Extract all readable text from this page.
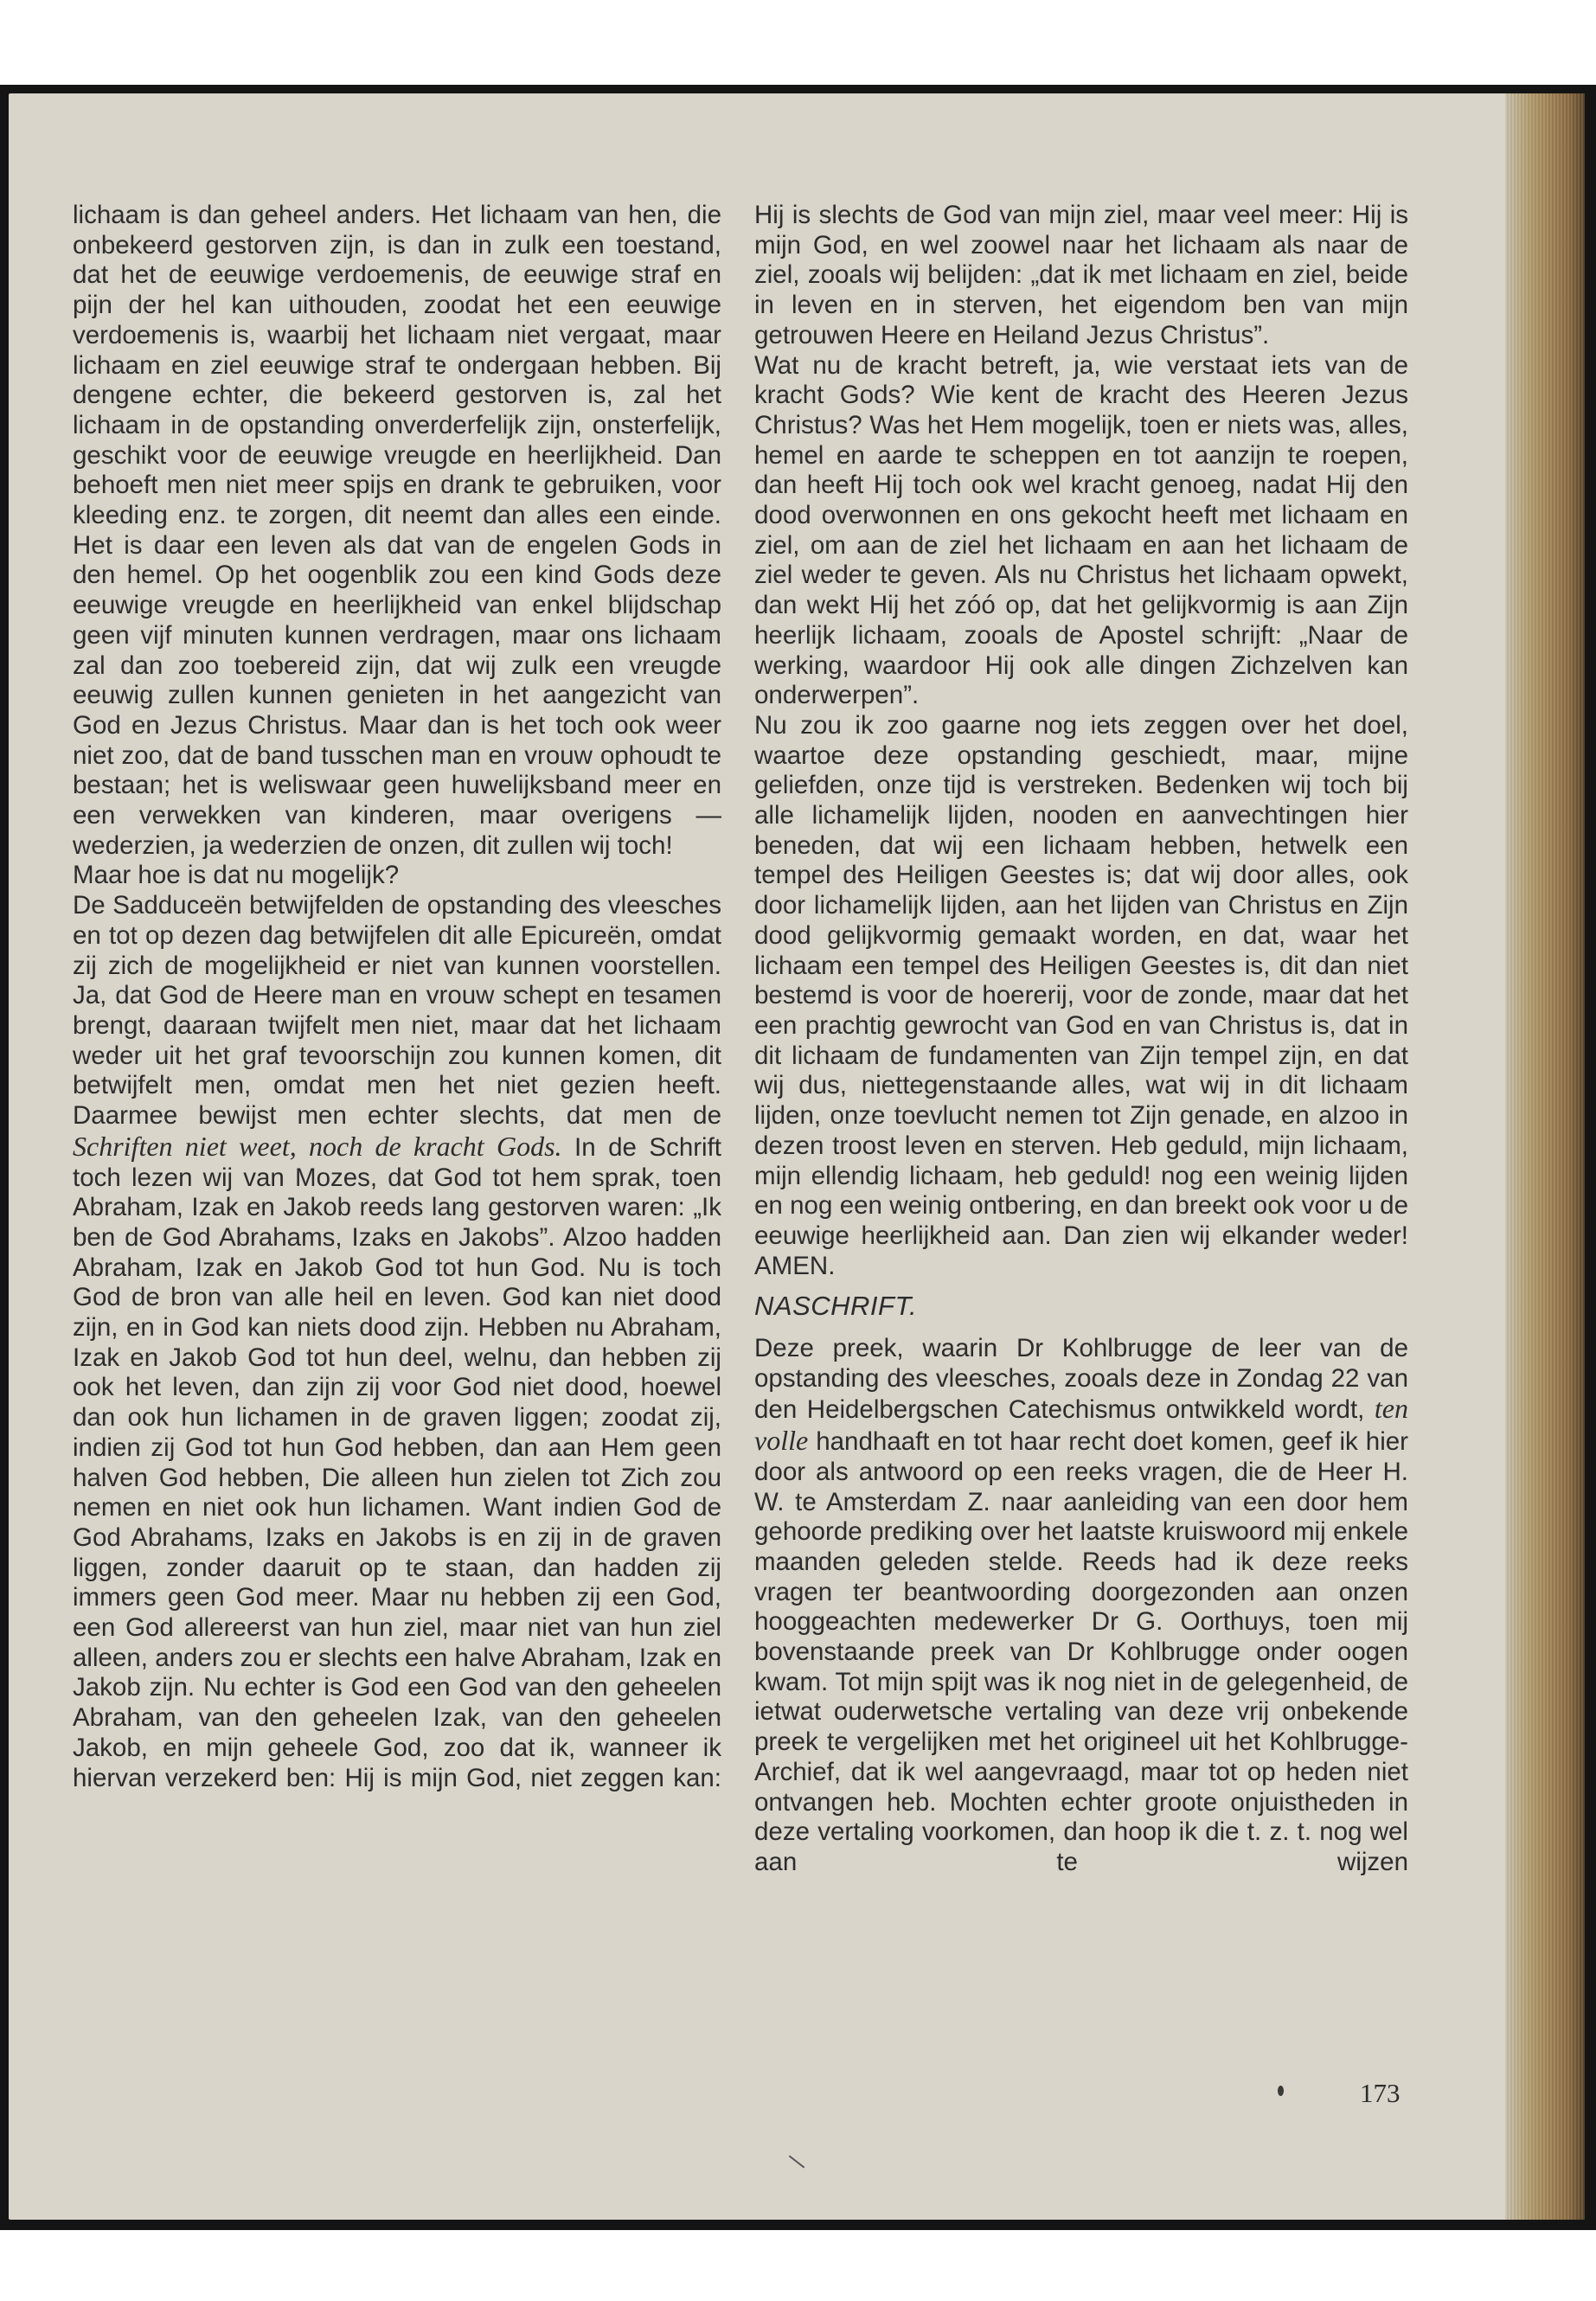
lichaam is dan geheel anders. Het lichaam van hen, die onbekeerd gestorven zijn, is dan in zulk een toestand, dat het de eeuwige verdoemenis, de eeuwige straf en pijn der hel kan uithouden, zoodat het een eeuwige verdoemenis is, waarbij het lichaam niet vergaat, maar lichaam en ziel eeuwige straf te ondergaan hebben. Bij dengene echter, die bekeerd gestorven is, zal het lichaam in de opstanding onverderfelijk zijn, onsterfelijk, geschikt voor de eeuwige vreugde en heerlijkheid. Dan behoeft men niet meer spijs en drank te gebruiken, voor kleeding enz. te zorgen, dit neemt dan alles een einde. Het is daar een leven als dat van de engelen Gods in den hemel. Op het oogenblik zou een kind Gods deze eeuwige vreugde en heerlijkheid van enkel blijdschap geen vijf minuten kunnen verdragen, maar ons lichaam zal dan zoo toebereid zijn, dat wij zulk een vreugde eeuwig zullen kunnen genieten in het aangezicht van God en Jezus Christus. Maar dan is het toch ook weer niet zoo, dat de band tusschen man en vrouw ophoudt te bestaan; het is weliswaar geen huwelijksband meer en een verwekken van kinderen, maar overigens — wederzien, ja wederzien de onzen, dit zullen wij toch!

Maar hoe is dat nu mogelijk?

De Sadduceën betwijfelden de opstanding des vleesches en tot op dezen dag betwijfelen dit alle Epicureën, omdat zij zich de mogelijkheid er niet van kunnen voorstellen. Ja, dat God de Heere man en vrouw schept en tesamen brengt, daaraan twijfelt men niet, maar dat het lichaam weder uit het graf tevoorschijn zou kunnen komen, dit betwijfelt men, omdat men het niet gezien heeft. Daarmee bewijst men echter slechts, dat men de Schriften niet weet, noch de kracht Gods. In de Schrift toch lezen wij van Mozes, dat God tot hem sprak, toen Abraham, Izak en Jakob reeds lang gestorven waren: „Ik ben de God Abrahams, Izaks en Jakobs”. Alzoo hadden Abraham, Izak en Jakob God tot hun God. Nu is toch God de bron van alle heil en leven. God kan niet dood zijn, en in God kan niets dood zijn. Hebben nu Abraham, Izak en Jakob God tot hun deel, welnu, dan hebben zij ook het leven, dan zijn zij voor God niet dood, hoewel dan ook hun lichamen in de graven liggen; zoodat zij, indien zij God tot hun God hebben, dan aan Hem geen halven God hebben, Die alleen hun zielen tot Zich zou nemen en niet ook hun lichamen. Want indien God de God Abrahams, Izaks en Jakobs is en zij in de graven liggen, zonder daaruit op te staan, dan hadden zij immers geen God meer. Maar nu hebben zij een God, een God allereerst van hun ziel, maar niet van hun ziel alleen, anders zou er slechts een halve Abraham, Izak en Jakob zijn. Nu echter is God een God van den geheelen Abraham, van den geheelen Izak, van den geheelen Jakob, en mijn geheele God, zoo dat ik, wanneer ik hiervan verzekerd ben: Hij is mijn God, niet zeggen kan:

Hij is slechts de God van mijn ziel, maar veel meer: Hij is mijn God, en wel zoowel naar het lichaam als naar de ziel, zooals wij belijden: „dat ik met lichaam en ziel, beide in leven en in sterven, het eigendom ben van mijn getrouwen Heere en Heiland Jezus Christus”.

Wat nu de kracht betreft, ja, wie verstaat iets van de kracht Gods? Wie kent de kracht des Heeren Jezus Christus? Was het Hem mogelijk, toen er niets was, alles, hemel en aarde te scheppen en tot aanzijn te roepen, dan heeft Hij toch ook wel kracht genoeg, nadat Hij den dood overwonnen en ons gekocht heeft met lichaam en ziel, om aan de ziel het lichaam en aan het lichaam de ziel weder te geven. Als nu Christus het lichaam opwekt, dan wekt Hij het zóó op, dat het gelijkvormig is aan Zijn heerlijk lichaam, zooals de Apostel schrijft: „Naar de werking, waardoor Hij ook alle dingen Zichzelven kan onderwerpen”.

Nu zou ik zoo gaarne nog iets zeggen over het doel, waartoe deze opstanding geschiedt, maar, mijne geliefden, onze tijd is verstreken. Bedenken wij toch bij alle lichamelijk lijden, nooden en aanvechtingen hier beneden, dat wij een lichaam hebben, hetwelk een tempel des Heiligen Geestes is; dat wij door alles, ook door lichamelijk lijden, aan het lijden van Christus en Zijn dood gelijkvormig gemaakt worden, en dat, waar het lichaam een tempel des Heiligen Geestes is, dit dan niet bestemd is voor de hoererij, voor de zonde, maar dat het een prachtig gewrocht van God en van Christus is, dat in dit lichaam de fundamenten van Zijn tempel zijn, en dat wij dus, niettegenstaande alles, wat wij in dit lichaam lijden, onze toevlucht nemen tot Zijn genade, en alzoo in dezen troost leven en sterven. Heb geduld, mijn lichaam, mijn ellendig lichaam, heb geduld! nog een weinig lijden en nog een weinig ontbering, en dan breekt ook voor u de eeuwige heerlijkheid aan. Dan zien wij elkander weder! AMEN.

NASCHRIFT.

Deze preek, waarin Dr Kohlbrugge de leer van de opstanding des vleesches, zooals deze in Zondag 22 van den Heidelbergschen Catechismus ontwikkeld wordt, ten volle handhaaft en tot haar recht doet komen, geef ik hier door als antwoord op een reeks vragen, die de Heer H. W. te Amsterdam Z. naar aanleiding van een door hem gehoorde prediking over het laatste kruiswoord mij enkele maanden geleden stelde. Reeds had ik deze reeks vragen ter beantwoording doorgezonden aan onzen hooggeachten medewerker Dr G. Oorthuys, toen mij bovenstaande preek van Dr Kohlbrugge onder oogen kwam. Tot mijn spijt was ik nog niet in de gelegenheid, de ietwat ouderwetsche vertaling van deze vrij onbekende preek te vergelijken met het origineel uit het Kohlbrugge-Archief, dat ik wel aangevraagd, maar tot op heden niet ontvangen heb. Mochten echter groote onjuistheden in deze vertaling voorkomen, dan hoop ik die t. z. t. nog wel aan te wijzen

173
